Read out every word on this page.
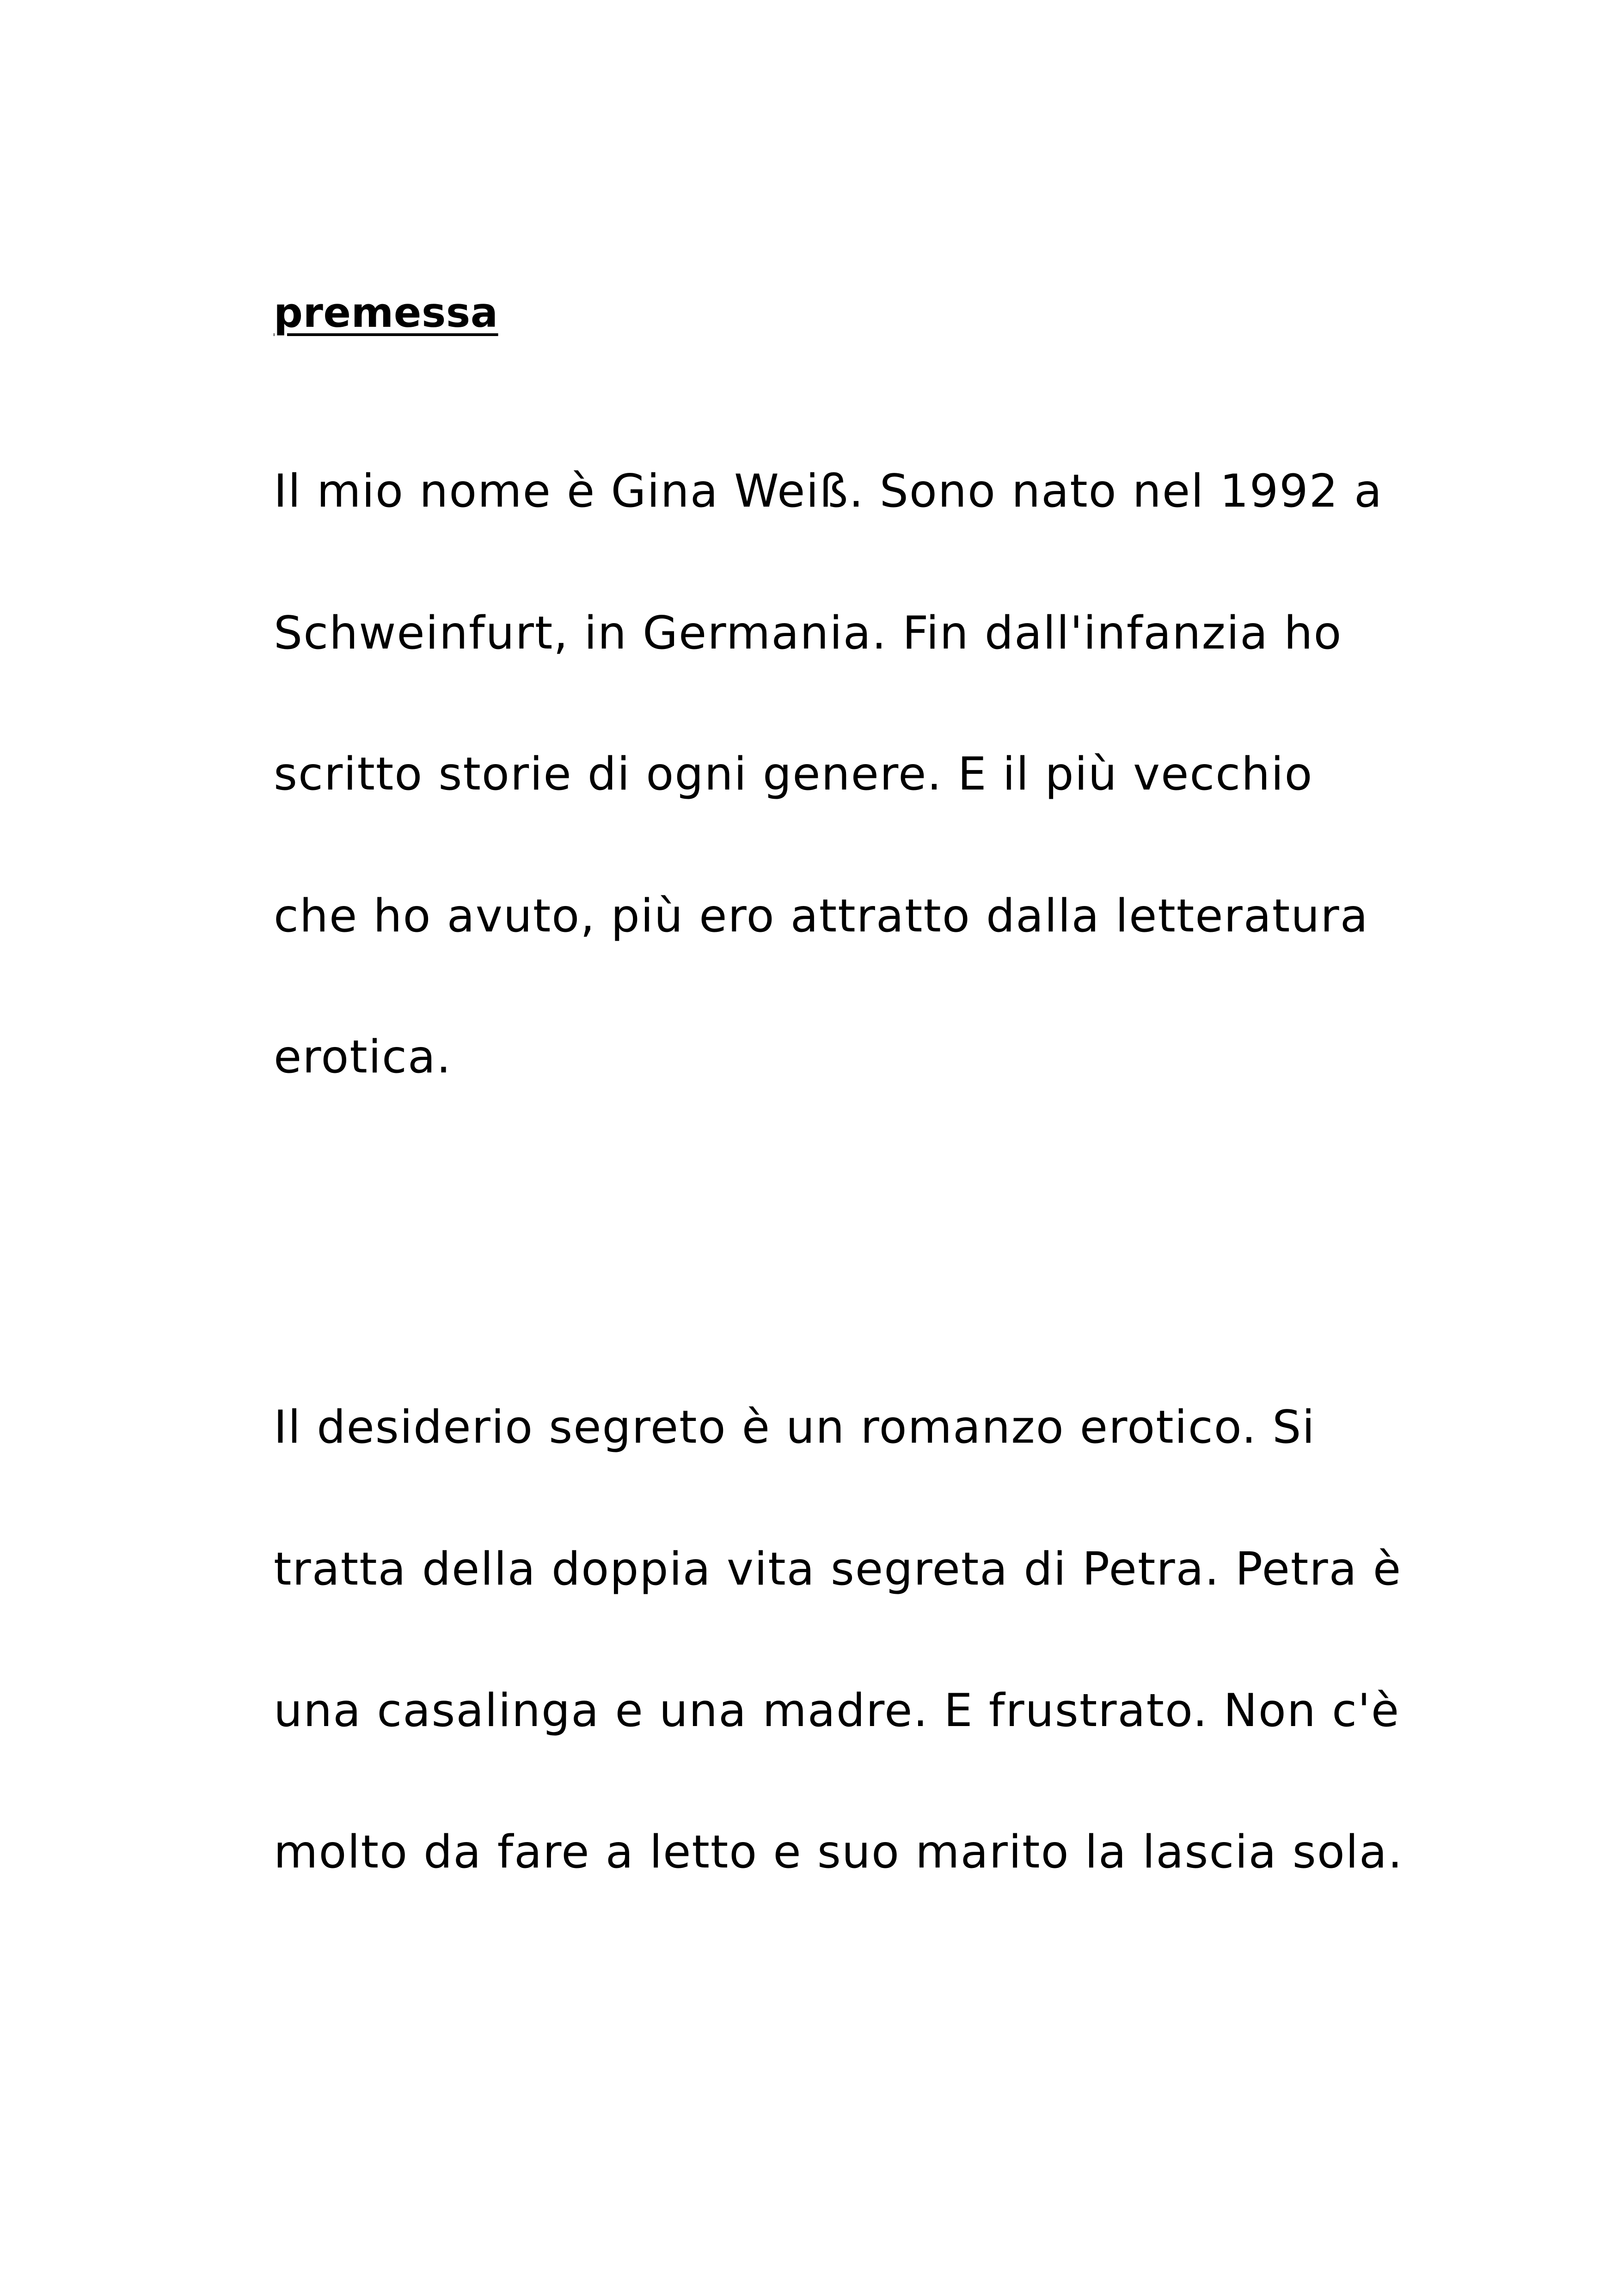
premessa

Il mio nome è Gina Weiß. Sono nato nel 1992 a

Schweinfurt, in Germania. Fin dall'infanzia ho

scritto storie di ogni genere. E il più vecchio

che ho avuto, più ero attratto dalla letteratura

erotica.

Il desiderio segreto è un romanzo erotico. Si

tratta della doppia vita segreta di Petra. Petra è

una casalinga e una madre. E frustrato. Non c'è

molto da fare a letto e suo marito la lascia sola.
